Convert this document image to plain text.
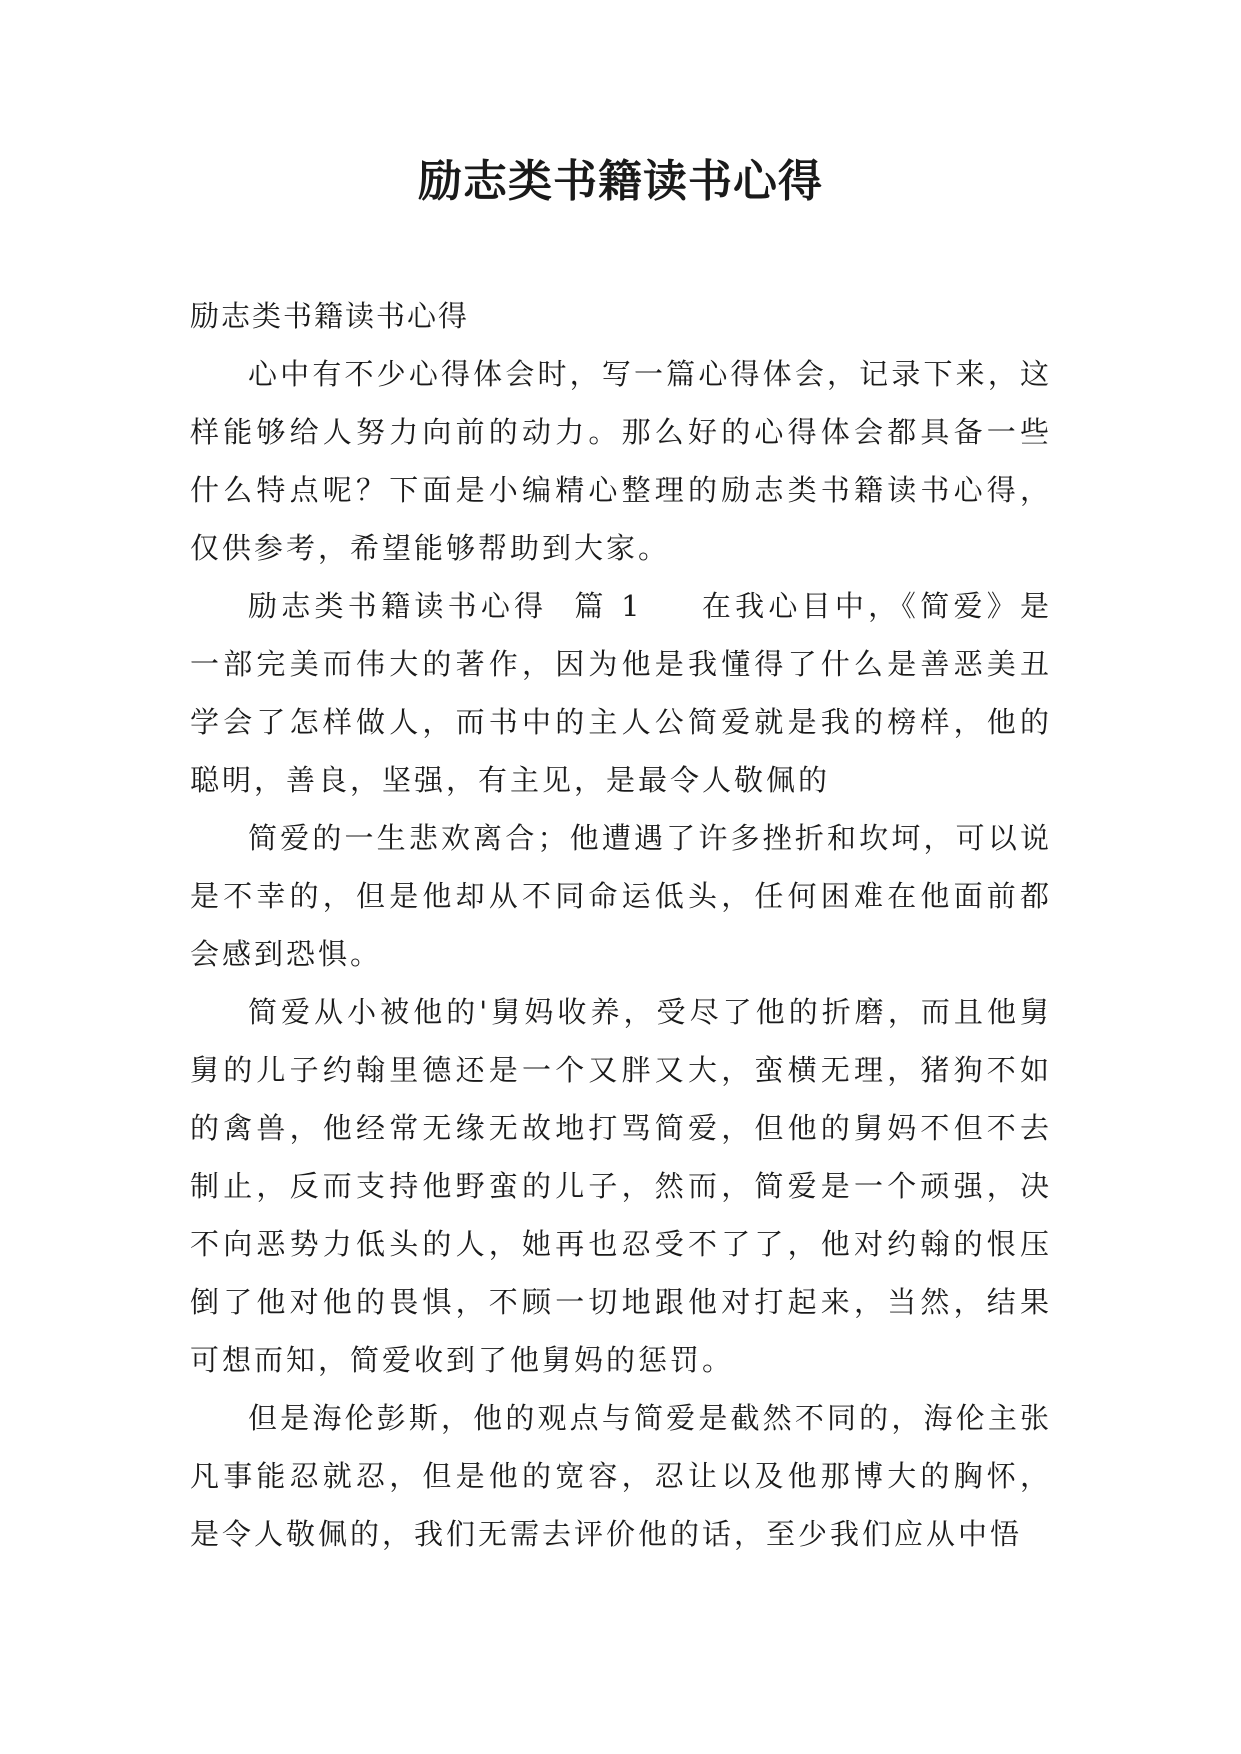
励志类书籍读书心得

励志类书籍读书心得

心中有不少心得体会时，写一篇心得体会，记录下来，这样能够给人努力向前的动力。那么好的心得体会都具备一些什么特点呢？下面是小编精心整理的励志类书籍读书心得，仅供参考，希望能够帮助到大家。

励志类书籍读书心得  篇 1 在我心目中，《简爱》是一部完美而伟大的著作，因为他是我懂得了什么是善恶美丑学会了怎样做人，而书中的主人公简爱就是我的榜样，他的聪明，善良，坚强，有主见，是最令人敬佩的

简爱的一生悲欢离合；他遭遇了许多挫折和坎坷，可以说是不幸的，但是他却从不同命运低头，任何困难在他面前都会感到恐惧。

简爱从小被他的'舅妈收养，受尽了他的折磨，而且他舅舅的儿子约翰里德还是一个又胖又大，蛮横无理，猪狗不如的禽兽，他经常无缘无故地打骂简爱，但他的舅妈不但不去制止，反而支持他野蛮的儿子，然而，简爱是一个顽强，决不向恶势力低头的人，她再也忍受不了了，他对约翰的恨压倒了他对他的畏惧，不顾一切地跟他对打起来，当然，结果可想而知，简爱收到了他舅妈的惩罚。

但是海伦彭斯，他的观点与简爱是截然不同的，海伦主张凡事能忍就忍，但是他的宽容，忍让以及他那博大的胸怀，是令人敬佩的，我们无需去评价他的话，至少我们应从中悟
